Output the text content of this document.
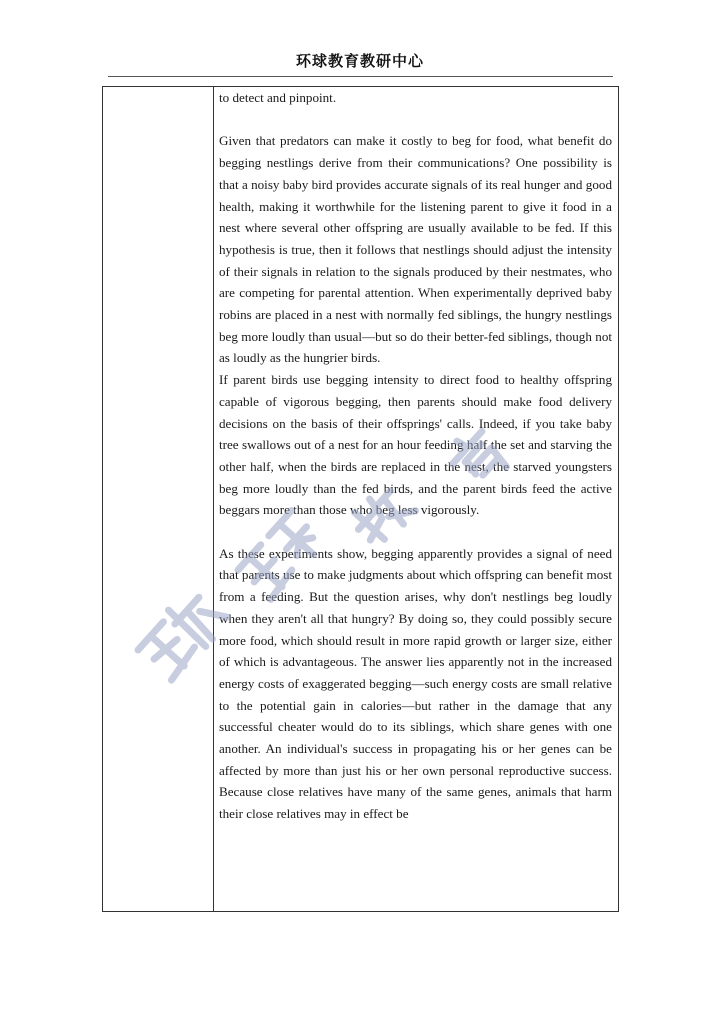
环球教育教研中心

to detect and pinpoint.

Given that predators can make it costly to beg for food, what benefit do begging nestlings derive from their communications? One possibility is that a noisy baby bird provides accurate signals of its real hunger and good health, making it worthwhile for the listening parent to give it food in a nest where several other offspring are usually available to be fed. If this hypothesis is true, then it follows that nestlings should adjust the intensity of their signals in relation to the signals produced by their nestmates, who are competing for parental attention. When experimentally deprived baby robins are placed in a nest with normally fed siblings, the hungry nestlings beg more loudly than usual—but so do their better-fed siblings, though not as loudly as the hungrier birds.

If parent birds use begging intensity to direct food to healthy offspring capable of vigorous begging, then parents should make food delivery decisions on the basis of their offsprings' calls. Indeed, if you take baby tree swallows out of a nest for an hour feeding half the set and starving the other half, when the birds are replaced in the nest, the starved youngsters beg more loudly than the fed birds, and the parent birds feed the active beggars more than those who beg less vigorously.

As these experiments show, begging apparently provides a signal of need that parents use to make judgments about which offspring can benefit most from a feeding. But the question arises, why don't nestlings beg loudly when they aren't all that hungry? By doing so, they could possibly secure more food, which should result in more rapid growth or larger size, either of which is advantageous. The answer lies apparently not in the increased energy costs of exaggerated begging—such energy costs are small relative to the potential gain in calories—but rather in the damage that any successful cheater would do to its siblings, which share genes with one another. An individual's success in propagating his or her genes can be affected by more than just his or her own personal reproductive success. Because close relatives have many of the same genes, animals that harm their close relatives may in effect be
